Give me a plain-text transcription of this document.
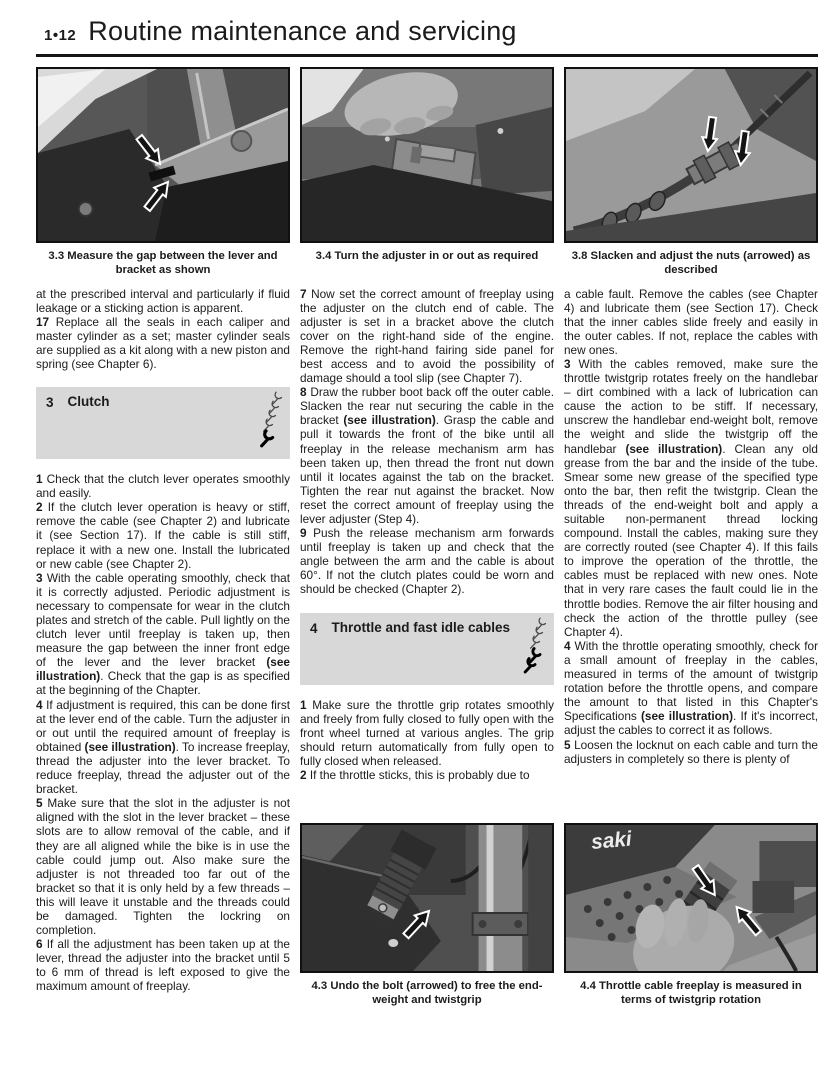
1•12 Routine maintenance and servicing
3.3 Measure the gap between the lever and bracket as shown
3.4 Turn the adjuster in or out as required	3.8 Slacken and adjust the nuts (arrowed) as described

at the prescribed interval and particularly if fluid leakage or a sticking action is apparent.

17 Replace all the seals in each caliper and master cylinder as a set; master cylinder seals are supplied as a kit along with a new piston and spring (see Chapter 6).

3 Clutch

1 Check that the clutch lever operates smoothly and easily.

2 If the clutch lever operation is heavy or stiff, remove the cable (see Chapter 2) and lubricate it (see Section 17). If the cable is still stiff, replace it with a new one. Install the lubricated or new cable (see Chapter 2).

3 With the cable operating smoothly, check that it is correctly adjusted. Periodic adjustment is necessary to compensate for wear in the clutch plates and stretch of the cable. Pull lightly on the clutch lever until freeplay is taken up, then measure the gap between the inner front edge of the lever and the lever bracket (see illustration). Check that the gap is as specified at the beginning of the Chapter.

4 If adjustment is required, this can be done first at the lever end of the cable. Turn the adjuster in or out until the required amount of freeplay is obtained (see illustration). To increase freeplay, thread the adjuster into the lever bracket. To reduce freeplay, thread the adjuster out of the bracket.

5 Make sure that the slot in the adjuster is not aligned with the slot in the lever bracket – these slots are to allow removal of the cable, and if they are all aligned while the bike is in use the cable could jump out. Also make sure the adjuster is not threaded too far out of the bracket so that it is only held by a few threads – this will leave it unstable and the threads could be damaged. Tighten the lockring on completion.

6 If all the adjustment has been taken up at the lever, thread the adjuster into the bracket until 5 to 6 mm of thread is left exposed to give the maximum amount of freeplay.

7 Now set the correct amount of freeplay using the adjuster on the clutch end of cable. The adjuster is set in a bracket above the clutch cover on the right-hand side of the engine. Remove the right-hand fairing side panel for best access and to avoid the possibility of damage should a tool slip (see Chapter 7).

8 Draw the rubber boot back off the outer cable. Slacken the rear nut securing the cable in the bracket (see illustration). Grasp the cable and pull it towards the front of the bike until all freeplay in the release mechanism arm has been taken up, then thread the front nut down until it locates against the tab on the bracket. Tighten the rear nut against the bracket. Now reset the correct amount of freeplay using the lever adjuster (Step 4).

9 Push the release mechanism arm forwards until freeplay is taken up and check that the angle between the arm and the cable is about 60°. If not the clutch plates could be worn and should be checked (Chapter 2).

4 Throttle and fast idle cables

1 Make sure the throttle grip rotates smoothly and freely from fully closed to fully open with the front wheel turned at various angles. The grip should return automatically from fully open to fully closed when released.

2 If the throttle sticks, this is probably due to

4.3 Undo the bolt (arrowed) to free the end-weight and twistgrip

a cable fault. Remove the cables (see Chapter 4) and lubricate them (see Section 17). Check that the inner cables slide freely and easily in the outer cables. If not, replace the cables with new ones.

3 With the cables removed, make sure the throttle twistgrip rotates freely on the handlebar – dirt combined with a lack of lubrication can cause the action to be stiff. If necessary, unscrew the handlebar end-weight bolt, remove the weight and slide the twistgrip off the handlebar (see illustration). Clean any old grease from the bar and the inside of the tube. Smear some new grease of the specified type onto the bar, then refit the twistgrip. Clean the threads of the end-weight bolt and apply a suitable non-permanent thread locking compound. Install the cables, making sure they are correctly routed (see Chapter 4). If this fails to improve the operation of the throttle, the cables must be replaced with new ones. Note that in very rare cases the fault could lie in the throttle bodies. Remove the air filter housing and check the action of the throttle pulley (see Chapter 4).

4 With the throttle operating smoothly, check for a small amount of freeplay in the cables, measured in terms of the amount of twistgrip rotation before the throttle opens, and compare the amount to that listed in this Chapter's Specifications (see illustration). If it's incorrect, adjust the cables to correct it as follows.

5 Loosen the locknut on each cable and turn the adjusters in completely so there is plenty of

saki
4.4 Throttle cable freeplay is measured in terms of twistgrip rotation
